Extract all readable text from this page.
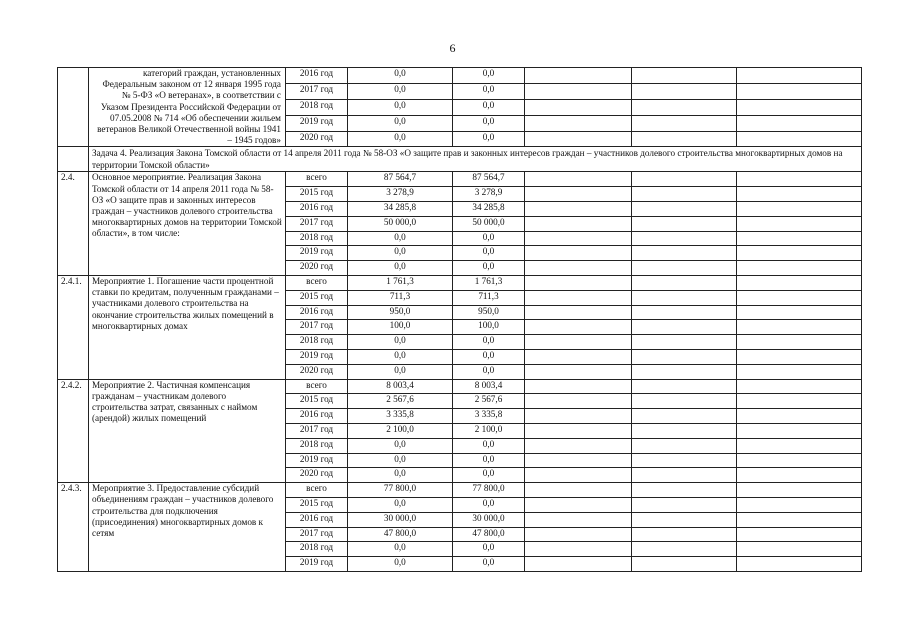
6
	категорий граждан, установленных Федеральным законом от 12 января 1995 года № 5-ФЗ «О ветеранах», в соответствии с Указом Президента Российской Федерации от 07.05.2008 № 714 «Об обеспечении жильем ветеранов Великой Отечественной войны 1941 – 1945 годов»	2016 год	0,0	0,0			
		2017 год	0,0	0,0			
		2018 год	0,0	0,0			
		2019 год	0,0	0,0			
		2020 год	0,0	0,0			
	Задача 4. Реализация Закона Томской области от 14 апреля 2011 года № 58-ОЗ «О защите прав и законных интересов граждан – участников долевого строительства многоквартирных домов на территории Томской области»						
2.4.	Основное мероприятие. Реализация Закона Томской области от 14 апреля 2011 года № 58-ОЗ «О защите прав и законных интересов граждан – участников долевого строительства многоквартирных домов на территории Томской области», в том числе:	всего	87 564,7	87 564,7			
		2015 год	3 278,9	3 278,9			
		2016 год	34 285,8	34 285,8			
		2017 год	50 000,0	50 000,0			
		2018 год	0,0	0,0			
		2019 год	0,0	0,0			
		2020 год	0,0	0,0			
2.4.1.	Мероприятие 1. Погашение части процентной ставки по кредитам, полученным гражданами – участниками долевого строительства на окончание строительства жилых помещений в многоквартирных домах	всего	1 761,3	1 761,3			
		2015 год	711,3	711,3			
		2016 год	950,0	950,0			
		2017 год	100,0	100,0			
		2018 год	0,0	0,0			
		2019 год	0,0	0,0			
		2020 год	0,0	0,0			
2.4.2.	Мероприятие 2. Частичная компенсация гражданам – участникам долевого строительства затрат, связанных с наймом (арендой) жилых помещений	всего	8 003,4	8 003,4			
		2015 год	2 567,6	2 567,6			
		2016 год	3 335,8	3 335,8			
		2017 год	2 100,0	2 100,0			
		2018 год	0,0	0,0			
		2019 год	0,0	0,0			
		2020 год	0,0	0,0			
2.4.3.	Мероприятие 3. Предоставление субсидий объединениям граждан – участников долевого строительства для подключения (присоединения) многоквартирных домов к сетям	всего	77 800,0	77 800,0			
		2015 год	0,0	0,0			
		2016 год	30 000,0	30 000,0			
		2017 год	47 800,0	47 800,0			
		2018 год	0,0	0,0			
		2019 год	0,0	0,0			
